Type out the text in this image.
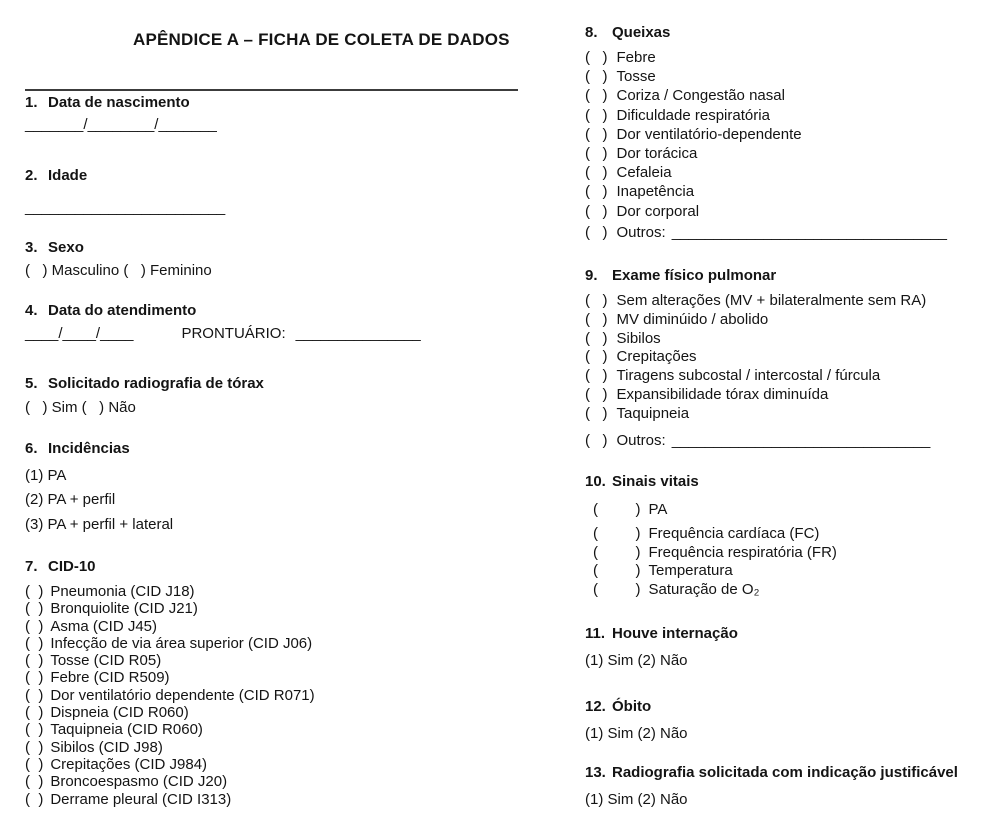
APÊNDICE A – FICHA DE COLETA DE DADOS
1. Data de nascimento
_______/________/_______
2. Idade
________________________
3. Sexo
(   ) Masculino (   ) Feminino
4. Data do atendimento
____/____/____	PRONTUÁRIO: _______________
5. Solicitado radiografia de tórax
(   ) Sim (   ) Não
6. Incidências
(1) PA
(2) PA + perfil
(3) PA + perfil + lateral
7. CID-10
(  ) Pneumonia (CID J18)
(  ) Bronquiolite (CID J21)
(  ) Asma (CID J45)
(  ) Infecção de via área superior (CID J06)
(  ) Tosse (CID R05)
(  ) Febre (CID R509)
(  ) Dor ventilatório dependente (CID R071)
(  ) Dispneia (CID R060)
(  ) Taquipneia (CID R060)
(  ) Sibilos (CID J98)
(  ) Crepitações (CID J984)
(  ) Broncoespasmo (CID J20)
(  ) Derrame pleural (CID I313)
8. Queixas
(   ) Febre
(   ) Tosse
(   ) Coriza / Congestão nasal
(   ) Dificuldade respiratória
(   ) Dor ventilatório-dependente
(   ) Dor torácica
(   ) Cefaleia
(   ) Inapetência
(   ) Dor corporal
(   ) Outros: _________________________________
9. Exame físico pulmonar
(   ) Sem alterações (MV + bilateralmente sem RA)
(   ) MV diminúido / abolido
(   ) Sibilos
(   ) Crepitações
(   ) Tiragens subcostal / intercostal / fúrcula
(   ) Expansibilidade tórax diminuída
(   ) Taquipneia
(   ) Outros: _______________________________
10. Sinais vitais
(         ) PA
(         ) Frequência cardíaca (FC)
(         ) Frequência respiratória (FR)
(         ) Temperatura
(         ) Saturação de O₂
11. Houve internação
(1) Sim (2) Não
12. Óbito
(1) Sim (2) Não
13. Radiografia solicitada com indicação justificável
(1) Sim (2) Não
